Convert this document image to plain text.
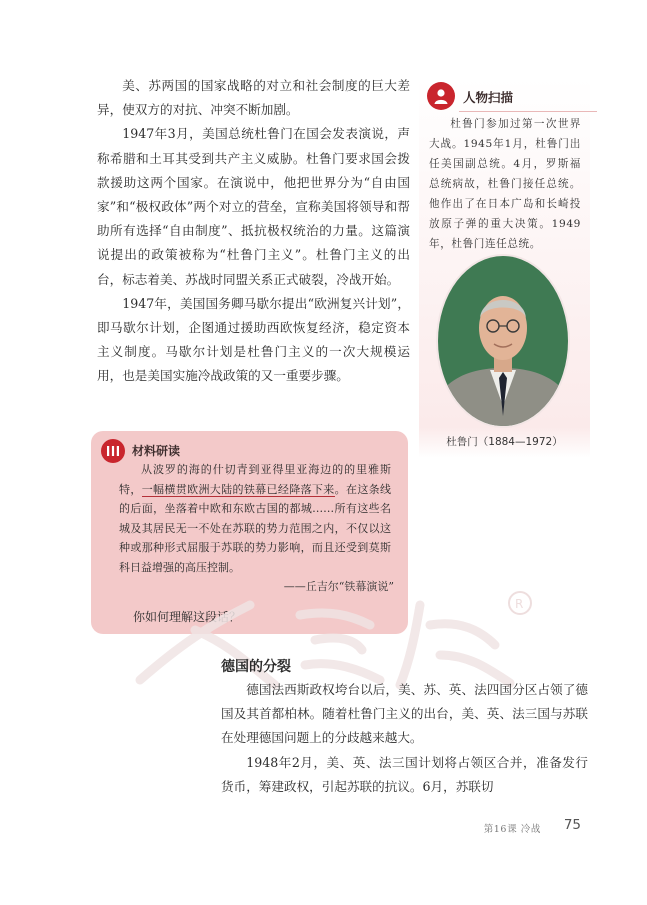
美、苏两国的国家战略的对立和社会制度的巨大差异，使双方的对抗、冲突不断加剧。

1947年3月，美国总统杜鲁门在国会发表演说，声称希腊和土耳其受到共产主义威胁。杜鲁门要求国会拨款援助这两个国家。在演说中，他把世界分为“自由国家”和“极权政体”两个对立的营垒，宣称美国将领导和帮助所有选择“自由制度”、抵抗极权统治的力量。这篇演说提出的政策被称为“杜鲁门主义”。杜鲁门主义的出台，标志着美、苏战时同盟关系正式破裂，冷战开始。

1947年，美国国务卿马歇尔提出“欧洲复兴计划”，即马歇尔计划，企图通过援助西欧恢复经济，稳定资本主义制度。马歇尔计划是杜鲁门主义的一次大规模运用，也是美国实施冷战政策的又一重要步骤。

人物扫描
杜鲁门参加过第一次世界大战。1945年1月，杜鲁门出任美国副总统。4月，罗斯福总统病故，杜鲁门接任总统。他作出了在日本广岛和长崎投放原子弹的重大决策。1949年，杜鲁门连任总统。
杜鲁门（1884—1972）
材料研读
从波罗的海的什切青到亚得里亚海边的的里雅斯特，一幅横贯欧洲大陆的铁幕已经降落下来。在这条线的后面，坐落着中欧和东欧古国的都城……所有这些名城及其居民无一不处在苏联的势力范围之内，不仅以这种或那种形式屈服于苏联的势力影响，而且还受到莫斯科日益增强的高压控制。
——丘吉尔“铁幕演说”
你如何理解这段话？
R
德国的分裂

德国法西斯政权垮台以后，美、苏、英、法四国分区占领了德国及其首都柏林。随着杜鲁门主义的出台，美、英、法三国与苏联在处理德国问题上的分歧越来越大。

1948年2月，美、英、法三国计划将占领区合并，准备发行货币，筹建政权，引起苏联的抗议。6月，苏联切

第16课 冷战 75
